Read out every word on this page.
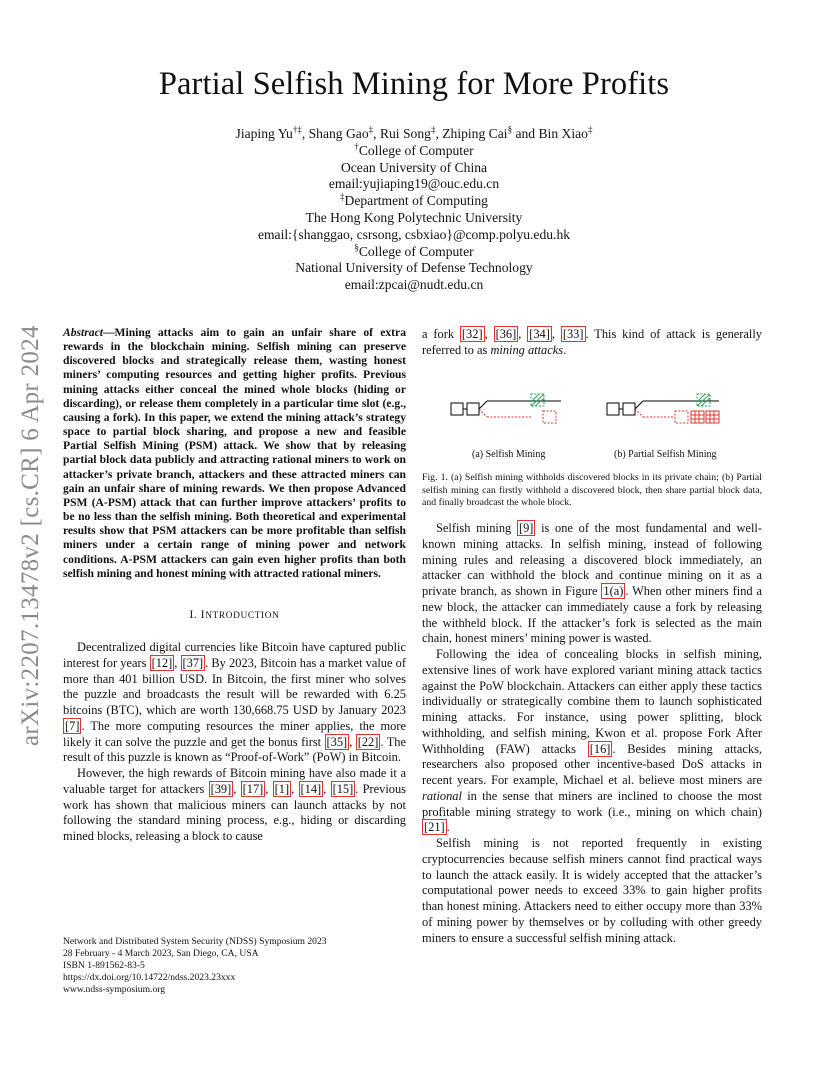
arXiv:2207.13478v2 [cs.CR] 6 Apr 2024
Partial Selfish Mining for More Profits
Jiaping Yu†‡, Shang Gao‡, Rui Song‡, Zhiping Cai§ and Bin Xiao‡
†College of Computer
Ocean University of China
email:yujiaping19@ouc.edu.cn
‡Department of Computing
The Hong Kong Polytechnic University
email:{shanggao, csrsong, csbxiao}@comp.polyu.edu.hk
§College of Computer
National University of Defense Technology
email:zpcai@nudt.edu.cn
Abstract—Mining attacks aim to gain an unfair share of extra rewards in the blockchain mining. Selfish mining can preserve discovered blocks and strategically release them, wasting honest miners’ computing resources and getting higher profits. Previous mining attacks either conceal the mined whole blocks (hiding or discarding), or release them completely in a particular time slot (e.g., causing a fork). In this paper, we extend the mining attack’s strategy space to partial block sharing, and propose a new and feasible Partial Selfish Mining (PSM) attack. We show that by releasing partial block data publicly and attracting rational miners to work on attacker’s private branch, attackers and these attracted miners can gain an unfair share of mining rewards. We then propose Advanced PSM (A-PSM) attack that can further improve attackers’ profits to be no less than the selfish mining. Both theoretical and experimental results show that PSM attackers can be more profitable than selfish miners under a certain range of mining power and network conditions. A-PSM attackers can gain even higher profits than both selfish mining and honest mining with attracted rational miners.
I. INTRODUCTION

Decentralized digital currencies like Bitcoin have captured public interest for years [12] , [37] . By 2023, Bitcoin has a market value of more than 401 billion USD. In Bitcoin, the first miner who solves the puzzle and broadcasts the result will be rewarded with 6.25 bitcoins (BTC), which are worth 130,668.75 USD by January 2023 [7] . The more computing resources the miner applies, the more likely it can solve the puzzle and get the bonus first [35] , [22] . The result of this puzzle is known as “Proof-of-Work” (PoW) in Bitcoin.

However, the high rewards of Bitcoin mining have also made it a valuable target for attackers [39] , [17] , [1] , [14] , [15] . Previous work has shown that malicious miners can launch attacks by not following the standard mining process, e.g., hiding or discarding mined blocks, releasing a block to cause

a fork [32] , [36] , [34] , [33] . This kind of attack is generally referred to as mining attacks.

(a) Selfish Mining	(b) Partial Selfish Mining
Fig. 1. (a) Selfish mining withholds discovered blocks in its private chain; (b) Partial selfish mining can firstly withhold a discovered block, then share partial block data, and finally broadcast the whole block.

Selfish mining [9] is one of the most fundamental and well-known mining attacks. In selfish mining, instead of following mining rules and releasing a discovered block immediately, an attacker can withhold the block and continue mining on it as a private branch, as shown in Figure 1(a) . When other miners find a new block, the attacker can immediately cause a fork by releasing the withheld block. If the attacker’s fork is selected as the main chain, honest miners’ mining power is wasted.

Following the idea of concealing blocks in selfish mining, extensive lines of work have explored variant mining attack tactics against the PoW blockchain. Attackers can either apply these tactics individually or strategically combine them to launch sophisticated mining attacks. For instance, using power splitting, block withholding, and selfish mining, Kwon et al. propose Fork After Withholding (FAW) attacks [16] . Besides mining attacks, researchers also proposed other incentive-based DoS attacks in recent years. For example, Michael et al. believe most miners are rational in the sense that miners are inclined to choose the most profitable mining strategy to work (i.e., mining on which chain) [21] .

Selfish mining is not reported frequently in existing cryptocurrencies because selfish miners cannot find practical ways to launch the attack easily. It is widely accepted that the attacker’s computational power needs to exceed 33% to gain higher profits than honest mining. Attackers need to either occupy more than 33% of mining power by themselves or by colluding with other greedy miners to ensure a successful selfish mining attack.

Network and Distributed System Security (NDSS) Symposium 2023
28 February - 4 March 2023, San Diego, CA, USA
ISBN 1-891562-83-5
https://dx.doi.org/10.14722/ndss.2023.23xxx
www.ndss-symposium.org
